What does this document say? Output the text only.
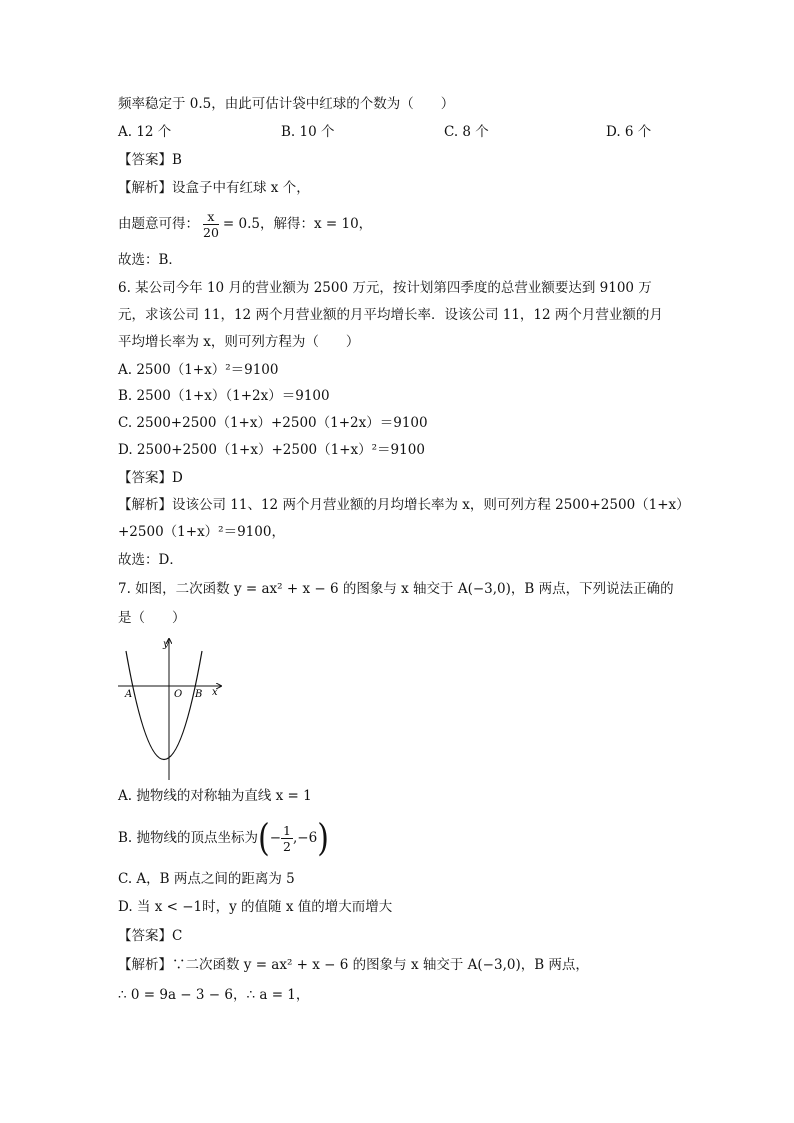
频率稳定于 0.5，由此可估计袋中红球的个数为（　　）
A. 12 个	B. 10 个	C. 8 个	D. 6 个
【答案】B
【解析】设盒子中有红球 x 个，
由题意可得： $\frac{x}{20} = 0.5$，解得：x = 10，
故选：B．
6. 某公司今年 10 月的营业额为 2500 万元，按计划第四季度的总营业额要达到 9100 万
元，求该公司 11，12 两个月营业额的月平均增长率．设该公司 11，12 两个月营业额的月
平均增长率为 x，则可列方程为（　　）
A. 2500（1+x）²＝9100
B. 2500（1+x）（1+2x）＝9100
C. 2500+2500（1+x）+2500（1+2x）＝9100
D. 2500+2500（1+x）+2500（1+x）²＝9100
【答案】D
【解析】设该公司 11、12 两个月营业额的月均增长率为 x，则可列方程 2500+2500（1+x）
+2500（1+x）²＝9100，
故选：D．
7. 如图，二次函数 y = ax² + x − 6 的图象与 x 轴交于 A(−3,0)，B 两点，下列说法正确的
是（　　）
y
x
A	O B
A. 抛物线的对称轴为直线 x = 1
B. 抛物线的顶点坐标为(− $\frac{1}{2} ,-6$)
C. A，B 两点之间的距离为 5
D. 当 x < −1时，y 的值随 x 值的增大而增大
【答案】C
【解析】∵二次函数 y = ax² + x − 6 的图象与 x 轴交于 A(−3,0)，B 两点，
∴ 0 = 9a − 3 − 6，∴ a = 1，
